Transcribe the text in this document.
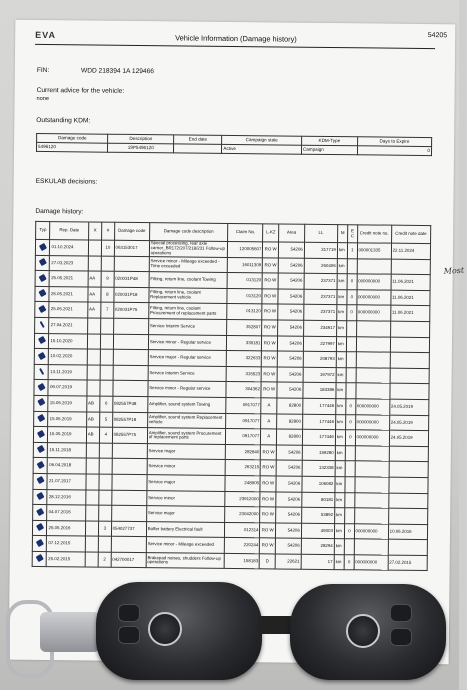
EVA	Vehicle Information (Damage history)	54205
FIN:	WDD 218394 1A 129466
Current advice for the vehicle:
none
Outstanding KDM:
Damage code	Description	End date	Campaign state	KDM-Type	Days to Expire
5496120	19P5496120		Active	Campaign	0
ESKULAB decisions:
Damage history:
Typ	Rep. Date	X	#	Damage code	Damage code description	Claim No.	L-KZ	Area	LL	M	E C	Credit note no.	Credit note date
	01.10.2024		10	063153017	Special processing, rear axle carrier_BR172/207/218/231 Follow-up operations	120005607	RO W	54206	317719	km	1	000001335	22.11.2024
	27.03.2023				Service minor - Mileage exceeded - Time exceeded	16011309	RO W	54206	260406	km			
	25.05.2021	AA	9	020031P48	Fitting, return line, coolant Towing	013120	RO W	54206	237371	km	0	000000000	11.06.2021
	25.05.2021	AA	8	020031P18	Fitting, return line, coolant Replacement vehicle	013120	RO W	54206	237371	km	0	000000000	11.06.2021
	25.05.2021	AA	7	020031P75	Fitting, return line, coolant Procurement of replacement parts	013120	RO W	54206	237371	km	0	000000000	11.06.2021
	27.04.2021				Service Interim Service	352807	RO W	54206	234917	km			
	15.10.2020				Service minor - Regular service	339181	RO W	54206	227997	km			
	10.02.2020				Service major - Regular service	322633	RO W	54206	208793	km			
	13.11.2019				Service Interim Service	315523	RO W	54206	197972	km			
	09.07.2019				Service minor - Regular service	304362	RO W	54206	183386	km			
	15.05.2019	AB	6	082557P48	Amplifier, sound system Towing	0917077	A	82800	177446	km	0	000000000	24.05.2019
	15.05.2019	AB	5	082557P18	Amplifier, sound system Replacement vehicle	0917077	A	82800	177446	km	0	000000000	24.05.2019
	15.05.2019	AB	4	082557P75	Amplifier, sound system Procurement of replacement parts	0917077	A	82800	177446	km	0	000000000	24.05.2019
	15.11.2018				Service major	282840	RO W	54206	159280	km			
	06.04.2018				Service minor	263215	RO W	54206	132338	km			
	21.07.2017				Service major	248905	RO W	54206	106082	km			
	28.12.2016				Service minor	23912000	RO W	54206	80181	km			
	04.07.2016				Service major	23042000	RO W	54206	53892	km			
	25.05.2016		3	054027737	Buffer battery Electrical fault	012314	RO W	54206	49303	km	0	000000000	10.06.2016
	07.12.2015				Service minor - Mileage exceeded	220244	RO W	54206	28294	km			
	25.02.2015		2	042700017	Brakepad noises, shudders Follow-up operations	158183	D	22621	17	km	0	000000000	27.02.2015
Most
